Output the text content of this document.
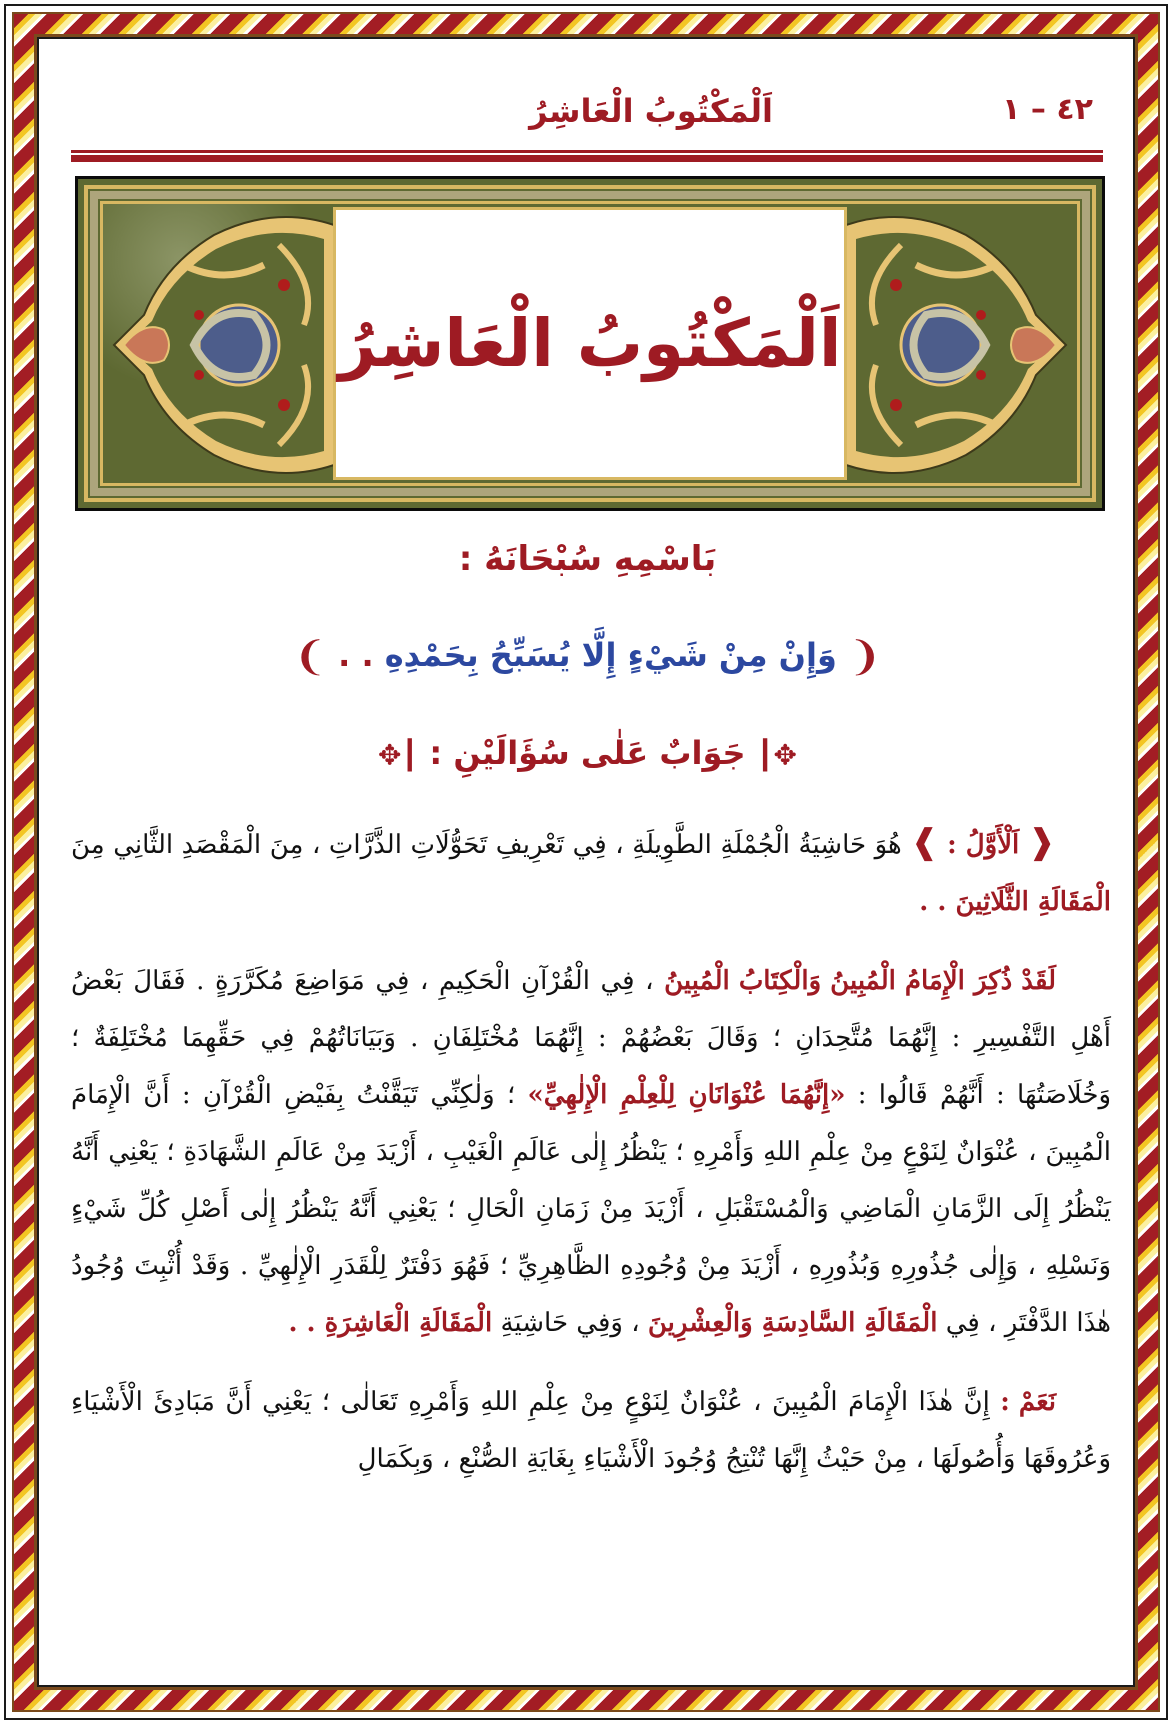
٤٢ – ١
اَلْمَكْتُوبُ الْعَاشِرُ
اَلْمَكْتُوبُ الْعَاشِرُ
بَاسْمِهِ سُبْحَانَهُ :
❨ وَإِنْ مِنْ شَيْءٍ إِلَّا يُسَبِّحُ بِحَمْدِهِ . . ❩
✥┃ جَوَابٌ عَلٰى سُؤَالَيْنِ : ┃✥

❰ اَلْأَوَّلُ : ❱ هُوَ حَاشِيَةُ الْجُمْلَةِ الطَّوِيلَةِ ، فِي تَعْرِيفِ تَحَوُّلَاتِ الذَّرَّاتِ ، مِنَ الْمَقْصَدِ الثَّانِي مِنَ الْمَقَالَةِ الثَّلَاثِينَ . .

لَقَدْ ذُكِرَ الْإِمَامُ الْمُبِينُ وَالْكِتَابُ الْمُبِينُ ، فِي الْقُرْآنِ الْحَكِيمِ ، فِي مَوَاضِعَ مُكَرَّرَةٍ . فَقَالَ بَعْضُ أَهْلِ التَّفْسِيرِ : إِنَّهُمَا مُتَّحِدَانِ ؛ وَقَالَ بَعْضُهُمْ : إِنَّهُمَا مُخْتَلِفَانِ . وَبَيَانَاتُهُمْ فِي حَقِّهِمَا مُخْتَلِفَةٌ ؛ وَخُلَاصَتُهَا : أَنَّهُمْ قَالُوا : «إِنَّهُمَا عُنْوَانَانِ لِلْعِلْمِ الْإِلٰهِيِّ» ؛ وَلٰكِنِّي تَيَقَّنْتُ بِفَيْضِ الْقُرْآنِ : أَنَّ الْإِمَامَ الْمُبِينَ ، عُنْوَانٌ لِنَوْعٍ مِنْ عِلْمِ اللهِ وَأَمْرِهِ ؛ يَنْظُرُ إِلٰى عَالَمِ الْغَيْبِ ، أَزْيَدَ مِنْ عَالَمِ الشَّهَادَةِ ؛ يَعْنِي أَنَّهُ يَنْظُرُ إِلَى الزَّمَانِ الْمَاضِي وَالْمُسْتَقْبَلِ ، أَزْيَدَ مِنْ زَمَانِ الْحَالِ ؛ يَعْنِي أَنَّهُ يَنْظُرُ إِلٰى أَصْلِ كُلِّ شَيْءٍ وَنَسْلِهِ ، وَإِلٰى جُذُورِهِ وَبُذُورِهِ ، أَزْيَدَ مِنْ وُجُودِهِ الظَّاهِرِيِّ ؛ فَهُوَ دَفْتَرٌ لِلْقَدَرِ الْإِلٰهِيِّ . وَقَدْ أُثْبِتَ وُجُودُ هٰذَا الدَّفْتَرِ ، فِي الْمَقَالَةِ السَّادِسَةِ وَالْعِشْرِينَ ، وَفِي حَاشِيَةِ الْمَقَالَةِ الْعَاشِرَةِ . .

نَعَمْ : إِنَّ هٰذَا الْإِمَامَ الْمُبِينَ ، عُنْوَانٌ لِنَوْعٍ مِنْ عِلْمِ اللهِ وَأَمْرِهِ تَعَالٰى ؛ يَعْنِي أَنَّ مَبَادِئَ الْأَشْيَاءِ وَعُرُوقَهَا وَأُصُولَهَا ، مِنْ حَيْثُ إِنَّهَا تُنْتِجُ وُجُودَ الْأَشْيَاءِ بِغَايَةِ الصُّنْعِ ، وَبِكَمَالِ
